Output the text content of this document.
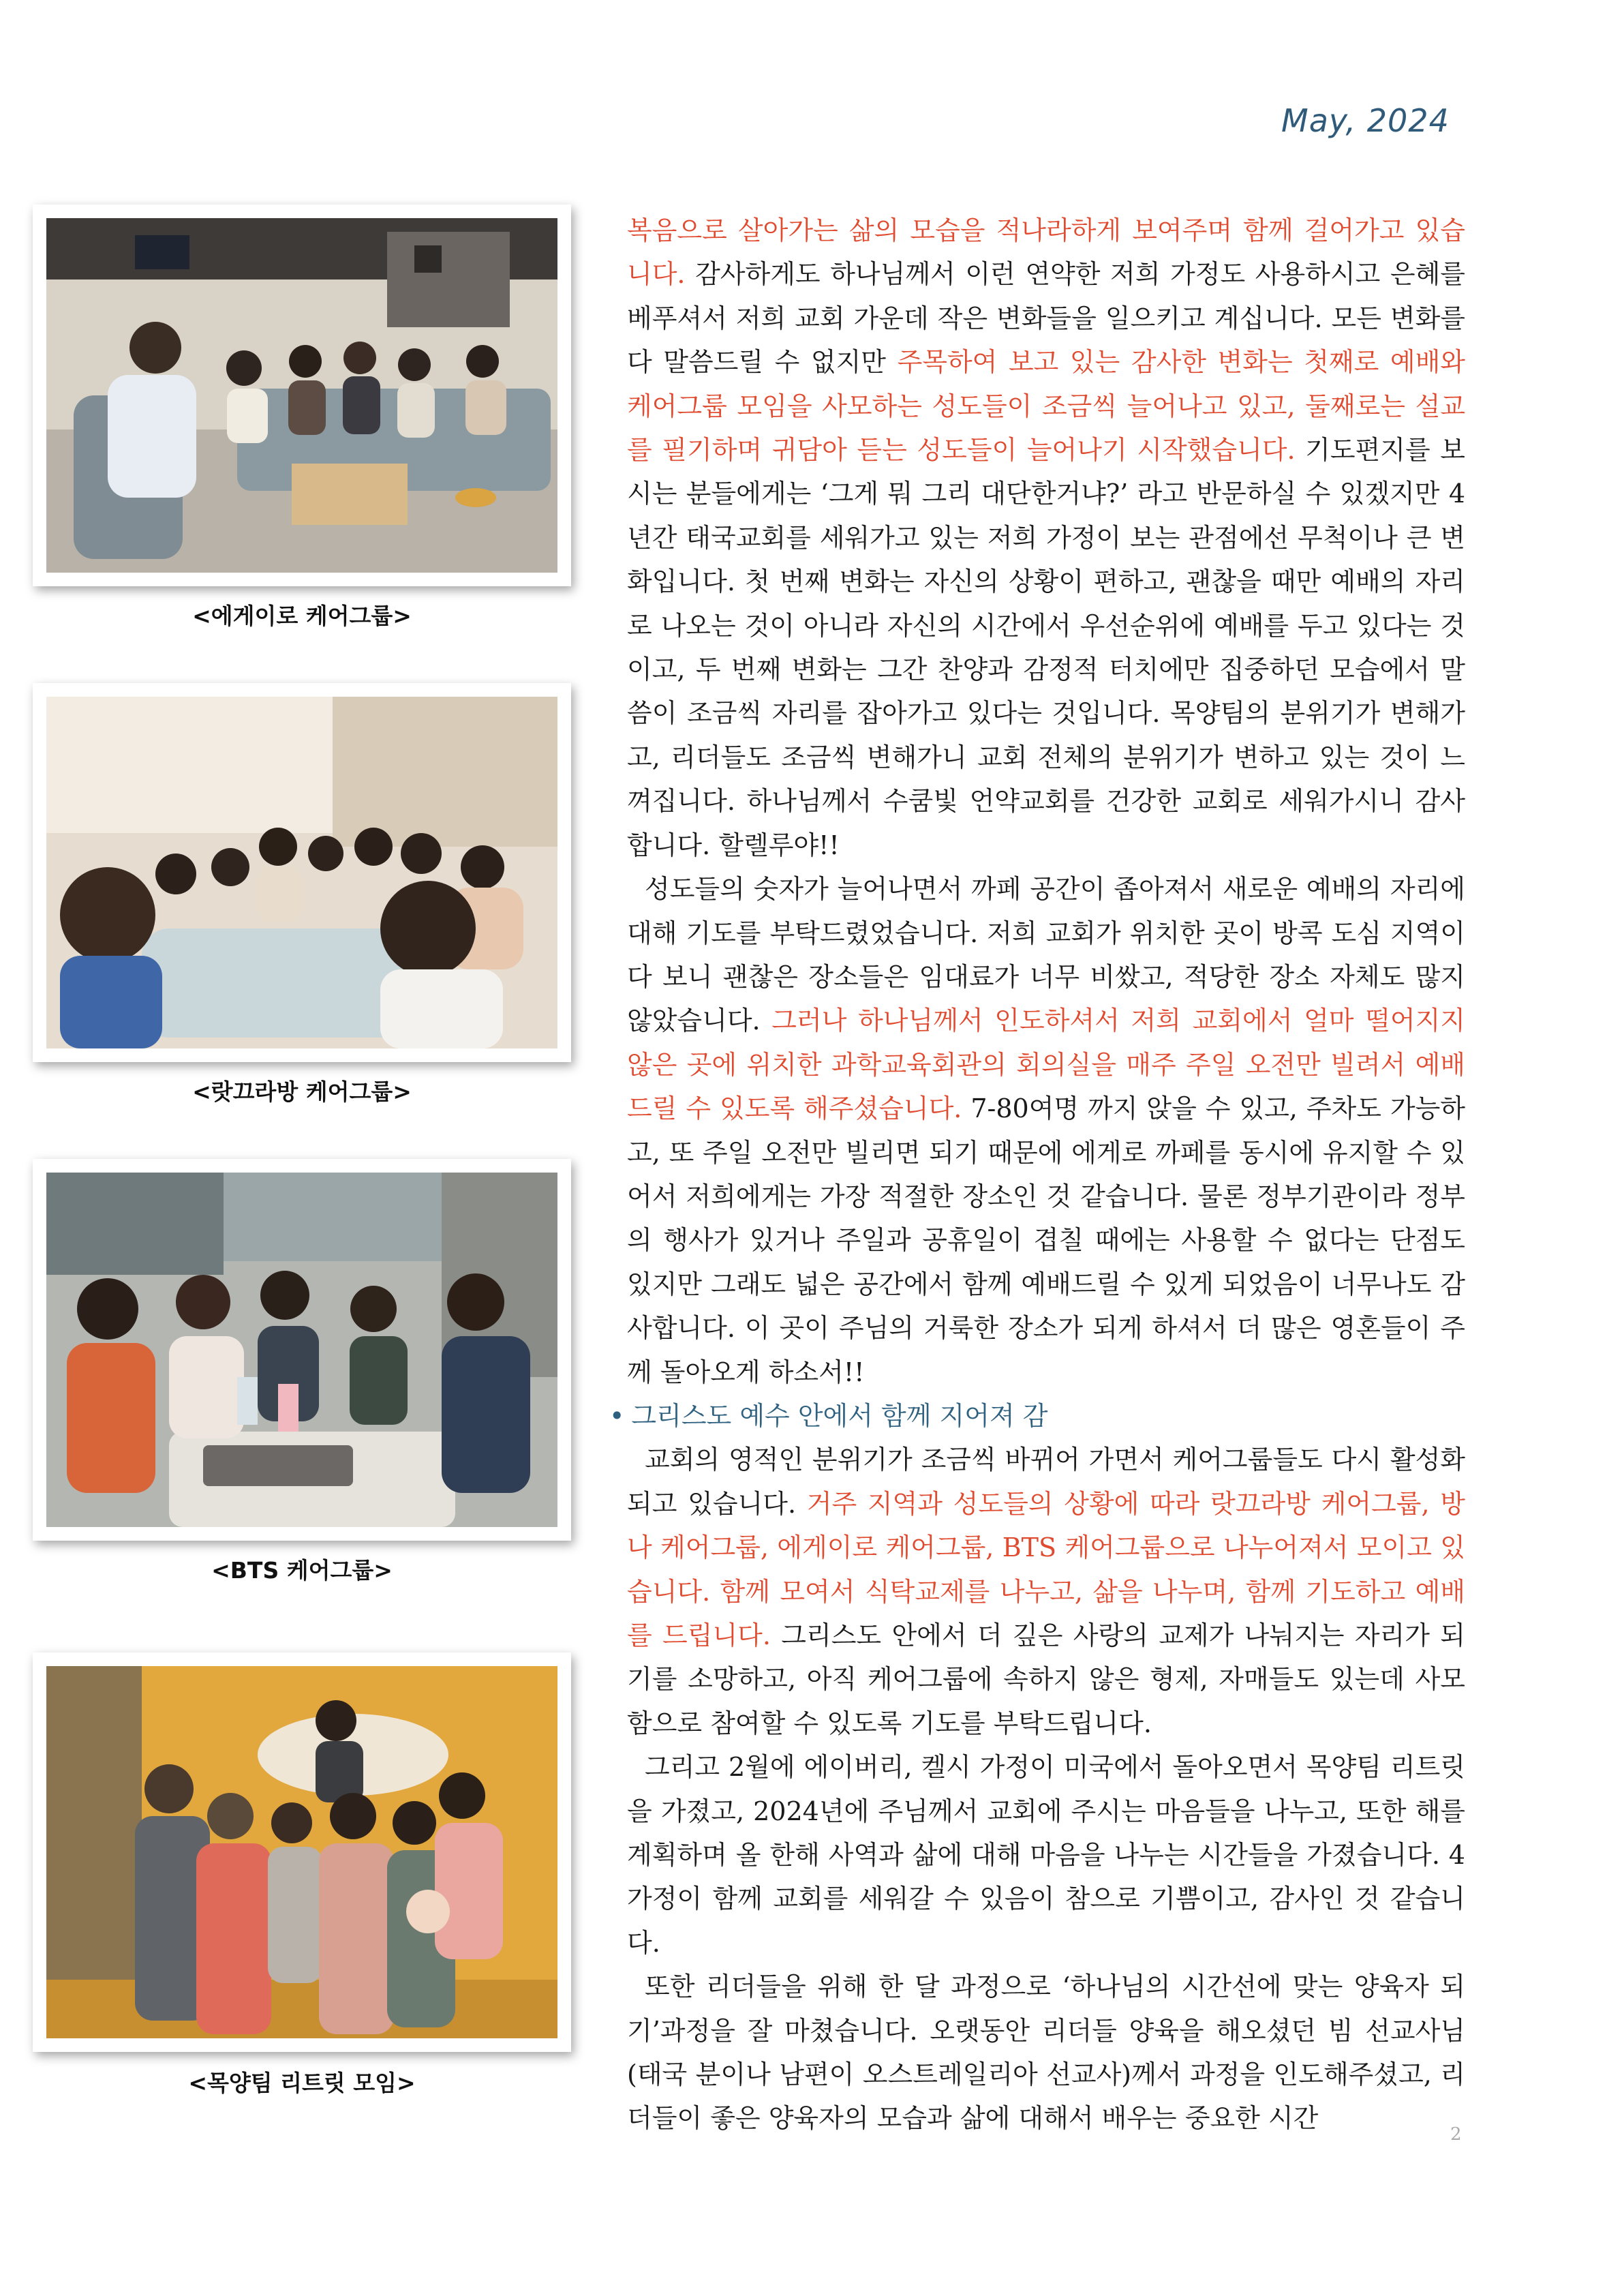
May, 2024
<에게이로 케어그룹>
<랏끄라방 케어그룹>
<BTS 케어그룹>
<목양팀 리트릿 모임>

복음으로 살아가는 삶의 모습을 적나라하게 보여주며 함께 걸어가고 있습니다. 감사하게도 하나님께서 이런 연약한 저희 가정도 사용하시고 은혜를 베푸셔서 저희 교회 가운데 작은 변화들을 일으키고 계십니다. 모든 변화를 다 말씀드릴 수 없지만 주목하여 보고 있는 감사한 변화는 첫째로 예배와 케어그룹 모임을 사모하는 성도들이 조금씩 늘어나고 있고, 둘째로는 설교를 필기하며 귀담아 듣는 성도들이 늘어나기 시작했습니다. 기도편지를 보시는 분들에게는 ‘그게 뭐 그리 대단한거냐?’ 라고 반문하실 수 있겠지만 4년간 태국교회를 세워가고 있는 저희 가정이 보는 관점에선 무척이나 큰 변화입니다. 첫 번째 변화는 자신의 상황이 편하고, 괜찮을 때만 예배의 자리로 나오는 것이 아니라 자신의 시간에서 우선순위에 예배를 두고 있다는 것이고, 두 번째 변화는 그간 찬양과 감정적 터치에만 집중하던 모습에서 말씀이 조금씩 자리를 잡아가고 있다는 것입니다. 목양팀의 분위기가 변해가고, 리더들도 조금씩 변해가니 교회 전체의 분위기가 변하고 있는 것이 느껴집니다. 하나님께서 수쿰빛 언약교회를 건강한 교회로 세워가시니 감사합니다. 할렐루야!!

성도들의 숫자가 늘어나면서 까페 공간이 좁아져서 새로운 예배의 자리에 대해 기도를 부탁드렸었습니다. 저희 교회가 위치한 곳이 방콕 도심 지역이다 보니 괜찮은 장소들은 임대료가 너무 비쌌고, 적당한 장소 자체도 많지 않았습니다. 그러나 하나님께서 인도하셔서 저희 교회에서 얼마 떨어지지 않은 곳에 위치한 과학교육회관의 회의실을 매주 주일 오전만 빌려서 예배 드릴 수 있도록 해주셨습니다. 7-80여명 까지 앉을 수 있고, 주차도 가능하고, 또 주일 오전만 빌리면 되기 때문에 에게로 까페를 동시에 유지할 수 있어서 저희에게는 가장 적절한 장소인 것 같습니다. 물론 정부기관이라 정부의 행사가 있거나 주일과 공휴일이 겹칠 때에는 사용할 수 없다는 단점도 있지만 그래도 넓은 공간에서 함께 예배드릴 수 있게 되었음이 너무나도 감사합니다. 이 곳이 주님의 거룩한 장소가 되게 하셔서 더 많은 영혼들이 주께 돌아오게 하소서!!

• 그리스도 예수 안에서 함께 지어져 감

교회의 영적인 분위기가 조금씩 바뀌어 가면서 케어그룹들도 다시 활성화 되고 있습니다. 거주 지역과 성도들의 상황에 따라 랏끄라방 케어그룹, 방나 케어그룹, 에게이로 케어그룹, BTS 케어그룹으로 나누어져서 모이고 있습니다. 함께 모여서 식탁교제를 나누고, 삶을 나누며, 함께 기도하고 예배를 드립니다. 그리스도 안에서 더 깊은 사랑의 교제가 나눠지는 자리가 되기를 소망하고, 아직 케어그룹에 속하지 않은 형제, 자매들도 있는데 사모함으로 참여할 수 있도록 기도를 부탁드립니다.

그리고 2월에 에이버리, 켈시 가정이 미국에서 돌아오면서 목양팀 리트릿을 가졌고, 2024년에 주님께서 교회에 주시는 마음들을 나누고, 또한 해를 계획하며 올 한해 사역과 삶에 대해 마음을 나누는 시간들을 가졌습니다. 4가정이 함께 교회를 세워갈 수 있음이 참으로 기쁨이고, 감사인 것 같습니다.

또한 리더들을 위해 한 달 과정으로 ‘하나님의 시간선에 맞는 양육자 되기’과정을 잘 마쳤습니다. 오랫동안 리더들 양육을 해오셨던 빔 선교사님(태국 분이나 남편이 오스트레일리아 선교사)께서 과정을 인도해주셨고, 리더들이 좋은 양육자의 모습과 삶에 대해서 배우는 중요한 시간

2
